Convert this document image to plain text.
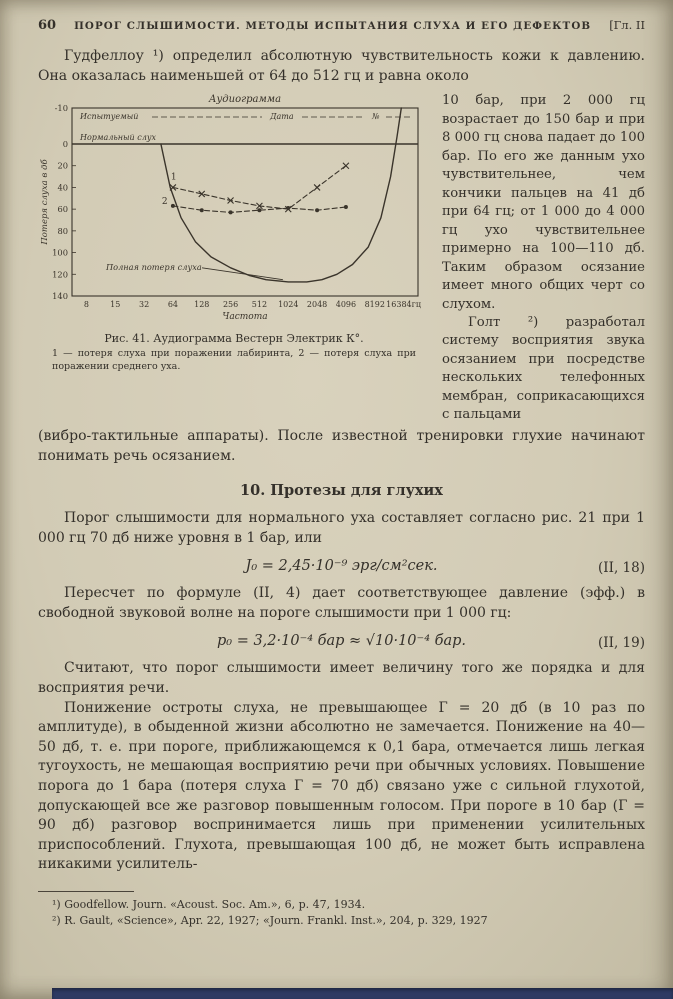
60	ПОРОГ СЛЫШИМОСТИ. МЕТОДЫ ИСПЫТАНИЯ СЛУХА И ЕГО ДЕФЕКТОВ	[Гл. II

Гудфеллоу ¹) определил абсолютную чувствительность кожи к давлению. Она оказалась наименьшей от 64 до 512 гц и равна около

Аудиограмма
Испытуемый	Дата	№
Нормальный слух
-10
0
20
40
60
80
100
120
140
8	15 32 64 128 256 512 1024 2048 4096 8192 16384гц
Частота
Потеря слуха в дб	1
2
Полная потеря слуха
Рис. 41. Аудиограмма Вестерн Электрик К°.
1 — потеря слуха при поражении лабиринта, 2 — потеря слуха при поражении среднего уха.

10 бар, при 2 000 гц возрастает до 150 бар и при 8 000 гц снова падает до 100 бар. По его же данным ухо чувствительнее, чем кончики пальцев на 41 дб при 64 гц; от 1 000 до 4 000 гц ухо чувствительнее примерно на 100—110 дб. Таким образом осязание имеет много общих черт со слухом.

Голт ²) разработал систему восприятия звука осязанием при посредстве нескольких телефонных мембран, соприкасающихся с пальцами

(вибро-тактильные аппараты). После известной тренировки глухие начинают понимать речь осязанием.

10. Протезы для глухих

Порог слышимости для нормального уха составляет согласно рис. 21 при 1 000 гц 70 дб ниже уровня в 1 бар, или

J₀ = 2,45·10⁻⁹ эрг/см²сек.	(II, 18)

Пересчет по формуле (II, 4) дает соответствующее давление (эфф.) в свободной звуковой волне на пороге слышимости при 1 000 гц:

p₀ = 3,2·10⁻⁴ бар ≈ √10·10⁻⁴ бар.	(II, 19)

Считают, что порог слышимости имеет величину того же порядка и для восприятия речи.

Понижение остроты слуха, не превышающее Г = 20 дб (в 10 раз по амплитуде), в обыденной жизни абсолютно не замечается. Понижение на 40—50 дб, т. е. при пороге, приближающемся к 0,1 бара, отмечается лишь легкая тугоухость, не мешающая восприятию речи при обычных условиях. Повышение порога до 1 бара (потеря слуха Г = 70 дб) связано уже с сильной глухотой, допускающей все же разговор повышенным голосом. При пороге в 10 бар (Г = 90 дб) разговор воспринимается лишь при применении усилительных приспособлений. Глухота, превышающая 100 дб, не может быть исправлена никакими усилитель-

¹) Goodfellow. Journ. «Acoust. Soc. Am.», 6, p. 47, 1934.

²) R. Gault, «Science», Apr. 22, 1927; «Journ. Frankl. Inst.», 204, p. 329, 1927
